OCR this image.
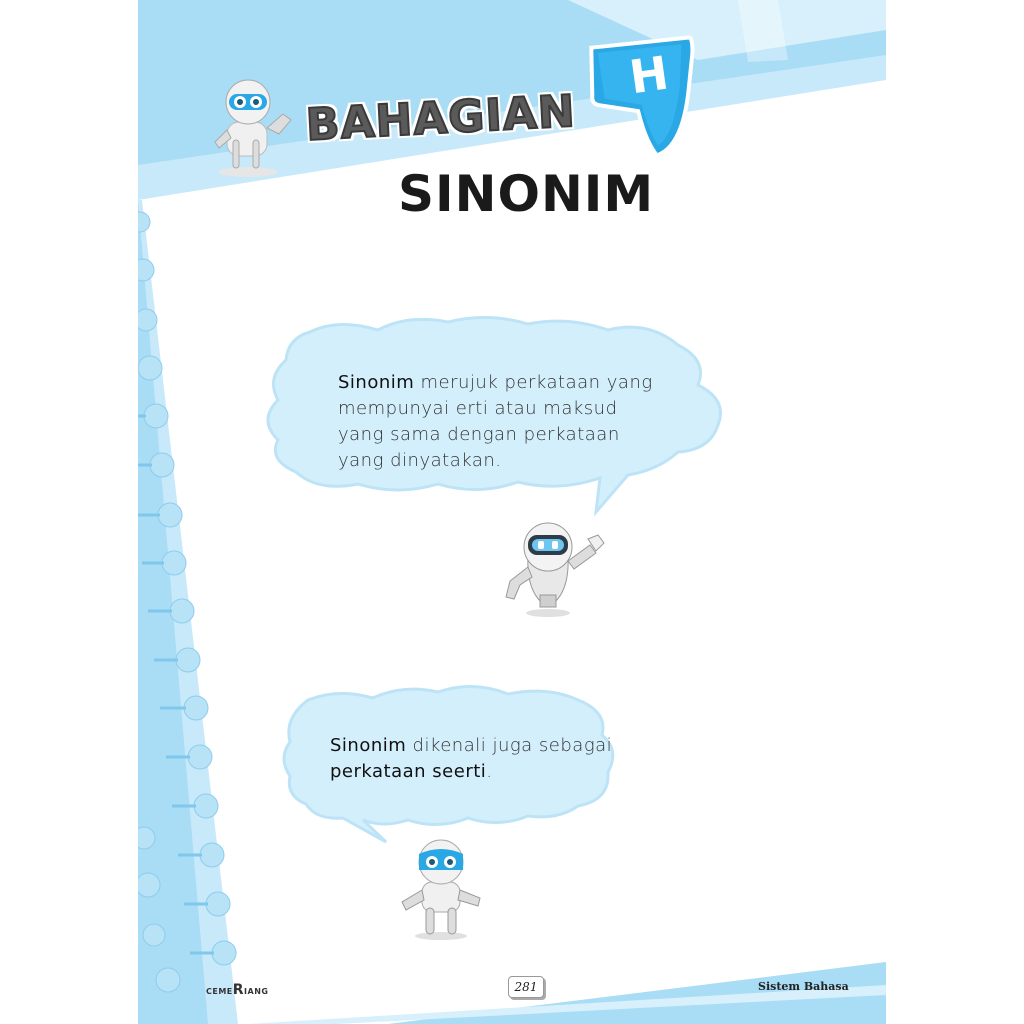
BAHAGIAN
H
SINONIM
Sinonim merujuk perkataan yang mempunyai erti atau maksud yang sama dengan perkataan yang dinyatakan.
Sinonim dikenali juga sebagai perkataan seerti.
CEMERIANG	281	Sistem Bahasa
